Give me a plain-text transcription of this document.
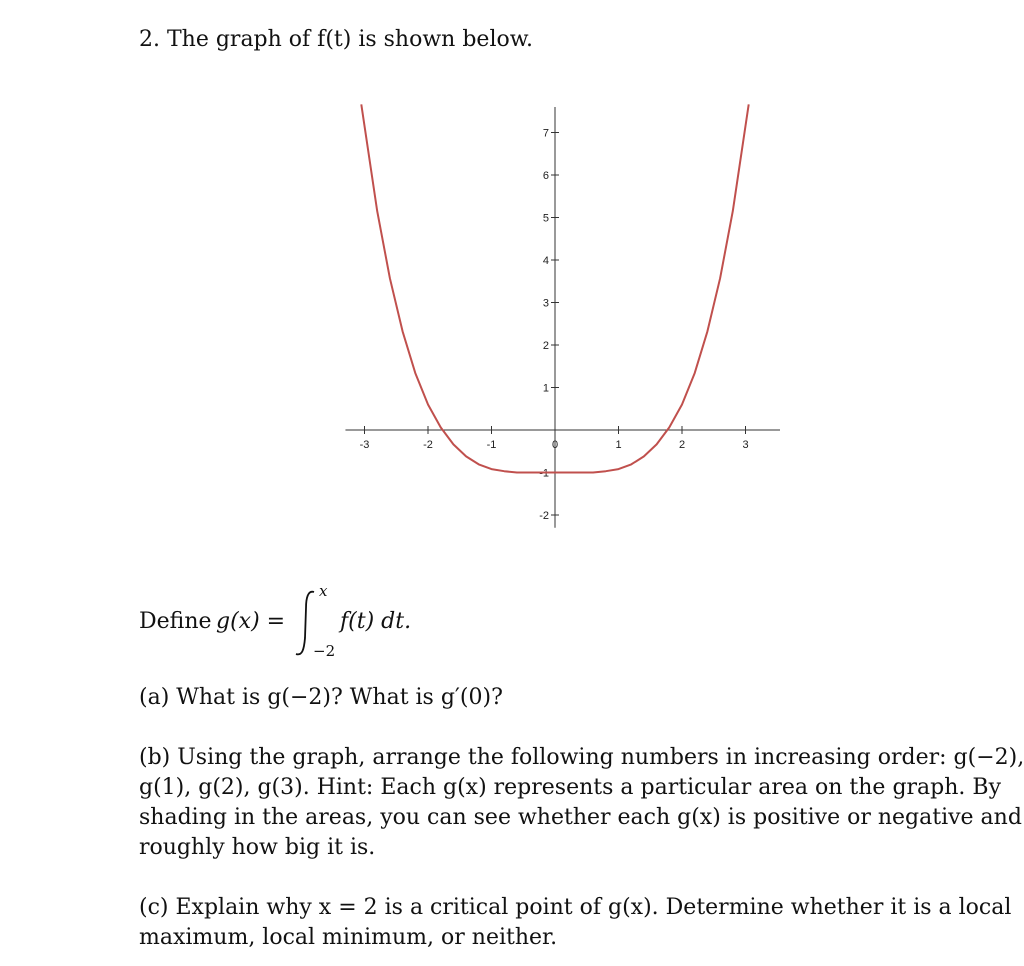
2. The graph of f(t) is shown below.
-3	-2	-1	0	1	2	3
-2
-1
1
2
3
4
5
6
7
Define g(x) =
x
−2
f(t) dt.
(a) What is g(−2)? What is g′(0)?
(b) Using the graph, arrange the following numbers in increasing order: g(−2),
g(1), g(2), g(3). Hint: Each g(x) represents a particular area on the graph. By
shading in the areas, you can see whether each g(x) is positive or negative and
roughly how big it is.
(c) Explain why x = 2 is a critical point of g(x). Determine whether it is a local
maximum, local minimum, or neither.
